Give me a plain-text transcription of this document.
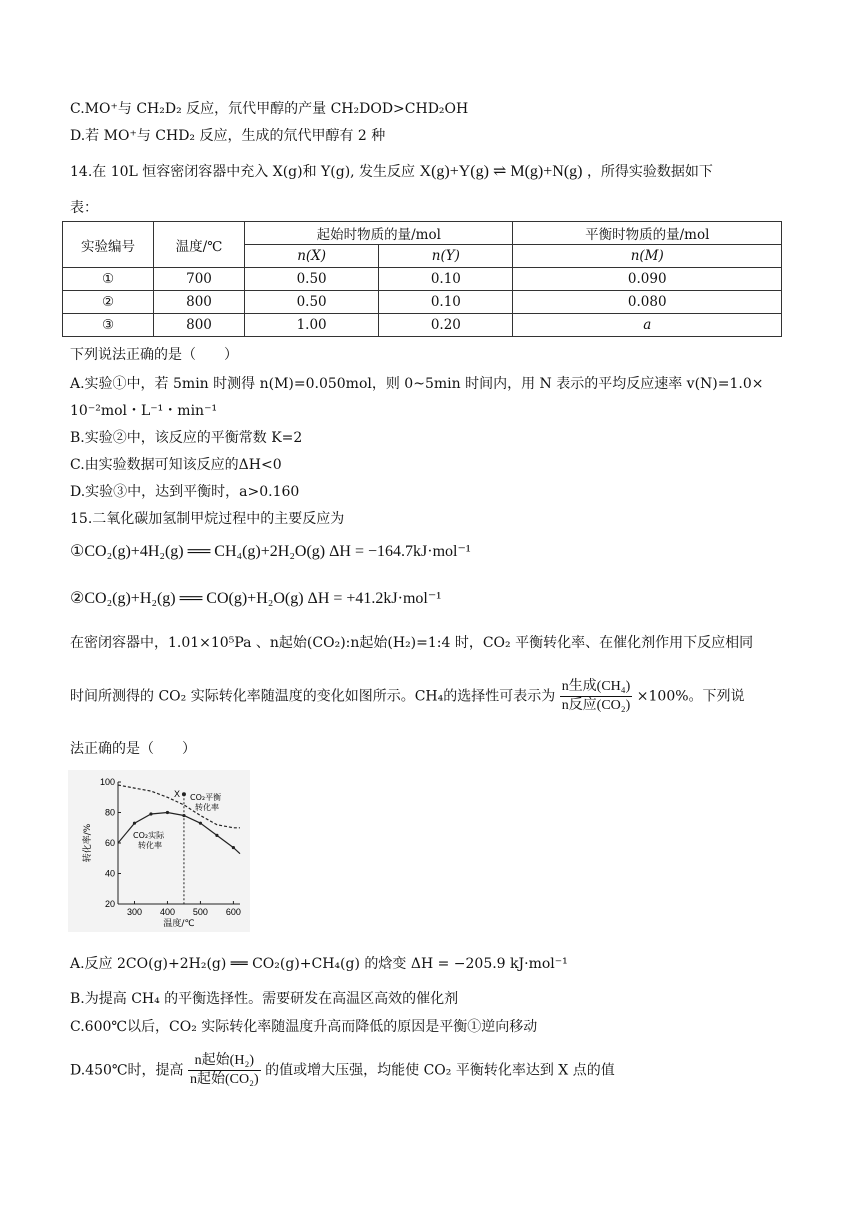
C.MO⁺与 CH₂D₂ 反应，氘代甲醇的产量 CH₂DOD>CHD₂OH
D.若 MO⁺与 CHD₂ 反应，生成的氘代甲醇有 2 种
14.在 10L 恒容密闭容器中充入 X(g)和 Y(g), 发生反应 X(g)+Y(g) ⇌ M(g)+N(g) ，所得实验数据如下
表：
实验编号	温度/℃	起始时物质的量/mol		平衡时物质的量/mol
		n(X)	n(Y)	n(M)
①	700	0.50	0.10	0.090
②	800	0.50	0.10	0.080
③	800	1.00	0.20	a
下列说法正确的是（　　）
A.实验①中，若 5min 时测得 n(M)=0.050mol，则 0~5min 时间内，用 N 表示的平均反应速率 v(N)=1.0×
10⁻²mol・L⁻¹・min⁻¹
B.实验②中，该反应的平衡常数 K=2
C.由实验数据可知该反应的ΔH<0
D.实验③中，达到平衡时，a>0.160
15.二氧化碳加氢制甲烷过程中的主要反应为
①CO₂(g)+4H₂(g) ══ CH₄(g)+2H₂O(g) ΔH = −164.7kJ·mol⁻¹
②CO₂(g)+H₂(g) ══ CO(g)+H₂O(g) ΔH = +41.2kJ·mol⁻¹
在密闭容器中，1.01×10⁵Pa 、n起始(CO₂):n起始(H₂)=1:4 时，CO₂ 平衡转化率、在催化剂作用下反应相同
时间所测得的 CO₂ 实际转化率随温度的变化如图所示。CH₄的选择性可表示为 $\frac{\text{n生成(CH₄)}}{\text{n反应(CO₂)}} \times 100\%$。下列说
法正确的是（　　）
20
40
60
80
100
300 400 500 600
温度/℃
转化率/%
CO₂平衡
转化率
CO₂实际
转化率
X
A.反应 2CO(g)+2H₂(g) ══ CO₂(g)+CH₄(g) 的焓变 ΔH = −205.9 kJ·mol⁻¹
B.为提高 CH₄ 的平衡选择性。需要研发在高温区高效的催化剂
C.600℃以后，CO₂ 实际转化率随温度升高而降低的原因是平衡①逆向移动
D.450℃时，提高 $\frac{\text{n起始(H₂)}}{\text{n起始(CO₂)}}$ 的值或增大压强，均能使 CO₂ 平衡转化率达到 X 点的值
